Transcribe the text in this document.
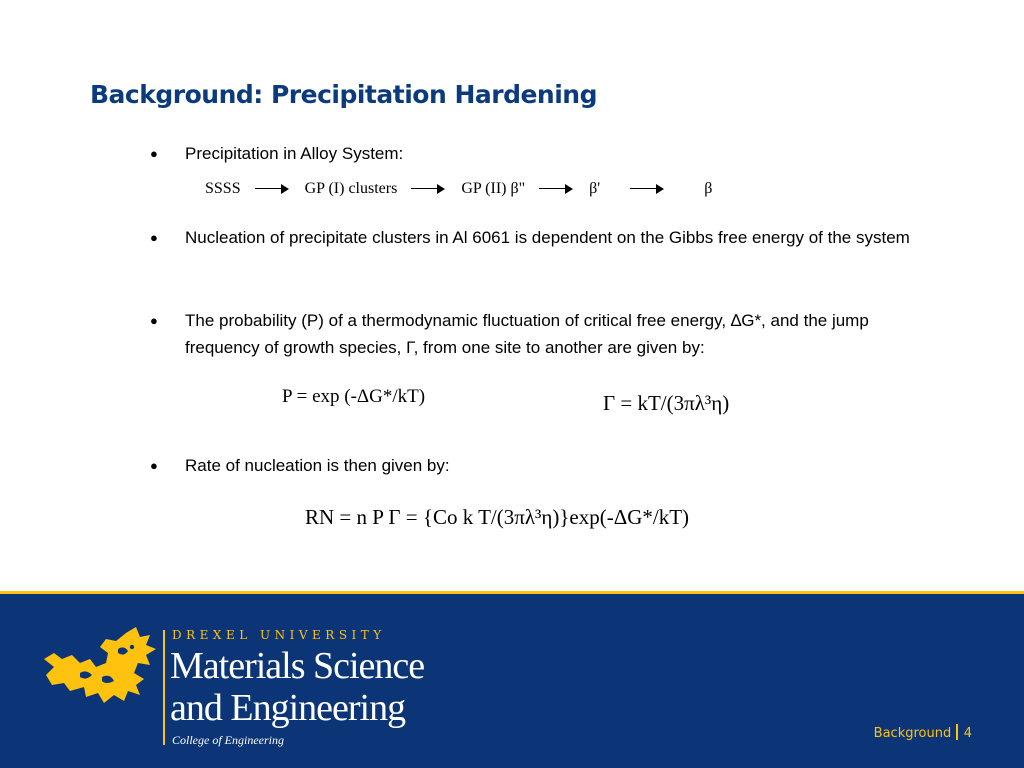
Background: Precipitation Hardening
● Precipitation in Alloy System:
SSSS	GP (I) clusters	GP (II) β"	β'	β
● Nucleation of precipitate clusters in Al 6061 is dependent on the Gibbs free energy of the system
● The probability (P) of a thermodynamic fluctuation of critical free energy, ∆G*, and the jump frequency of growth species, Γ, from one site to another are given by:
P = exp (-ΔG*/kT)	Γ = kT/(3πλ³η)
● Rate of nucleation is then given by:
RN = n P Γ = {Co k T/(3πλ³η)}exp(-ΔG*/kT)
DREXEL UNIVERSITY
Materials Science
and Engineering
College of Engineering	Background 4
